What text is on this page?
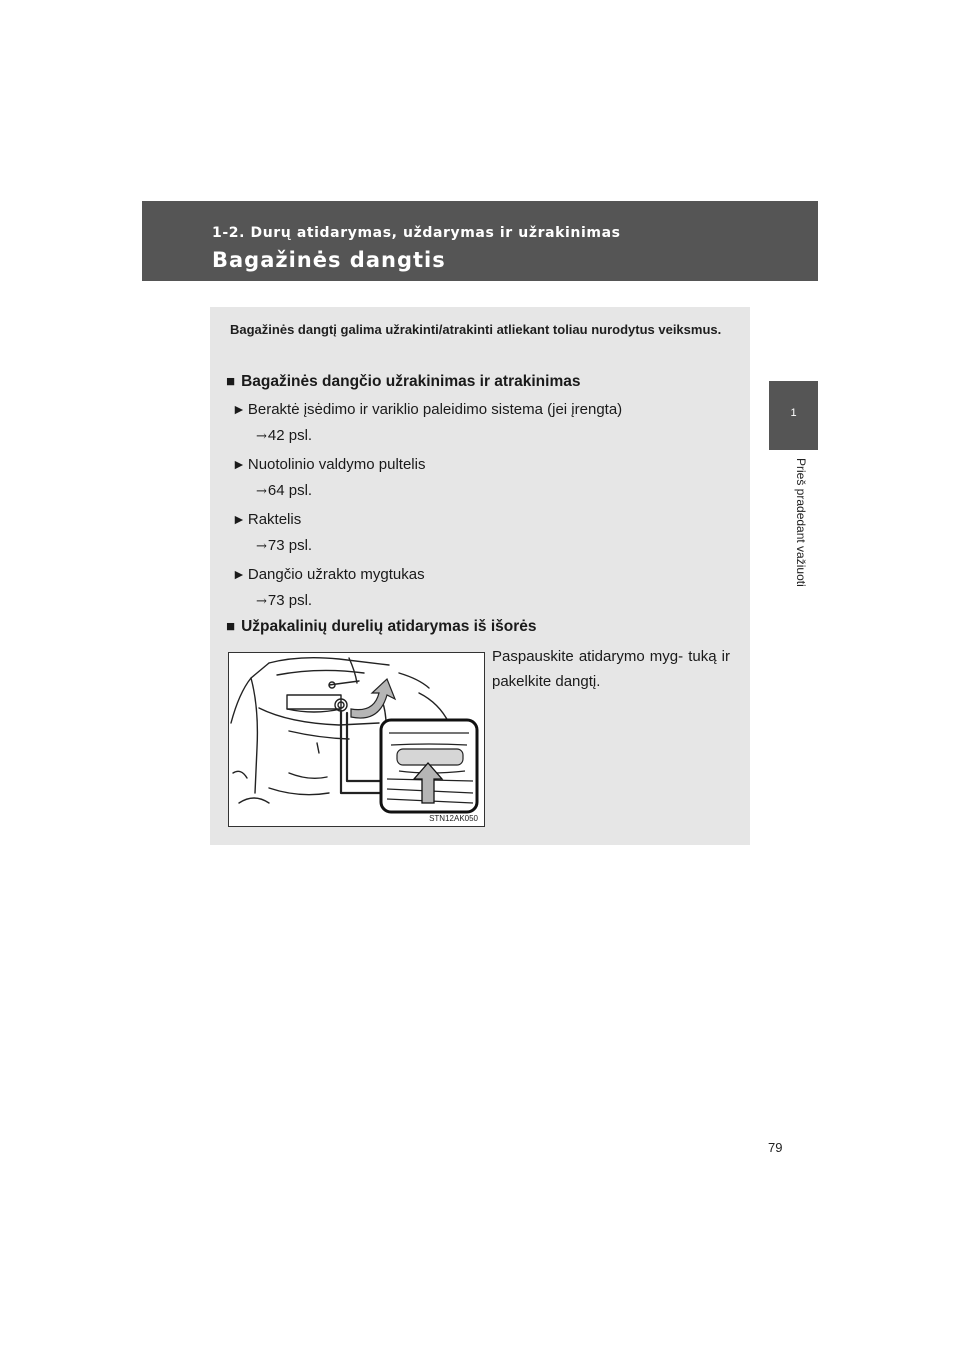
1-2. Durų atidarymas, uždarymas ir užrakinimas
Bagažinės dangtis
1
Prieš pradedant važiuoti
Bagažinės dangtį galima užrakinti/atrakinti atliekant toliau nurodytus veiksmus.
■ Bagažinės dangčio užrakinimas ir atrakinimas
► Beraktė įsėdimo ir variklio paleidimo sistema (jei įrengta)
→42 psl.
► Nuotolinio valdymo pultelis
→64 psl.
► Raktelis
→73 psl.
► Dangčio užrakto mygtukas
→73 psl.
■ Užpakalinių durelių atidarymas iš išorės
STN12AK050
Paspauskite atidarymo myg- tuką ir pakelkite dangtį.
79
